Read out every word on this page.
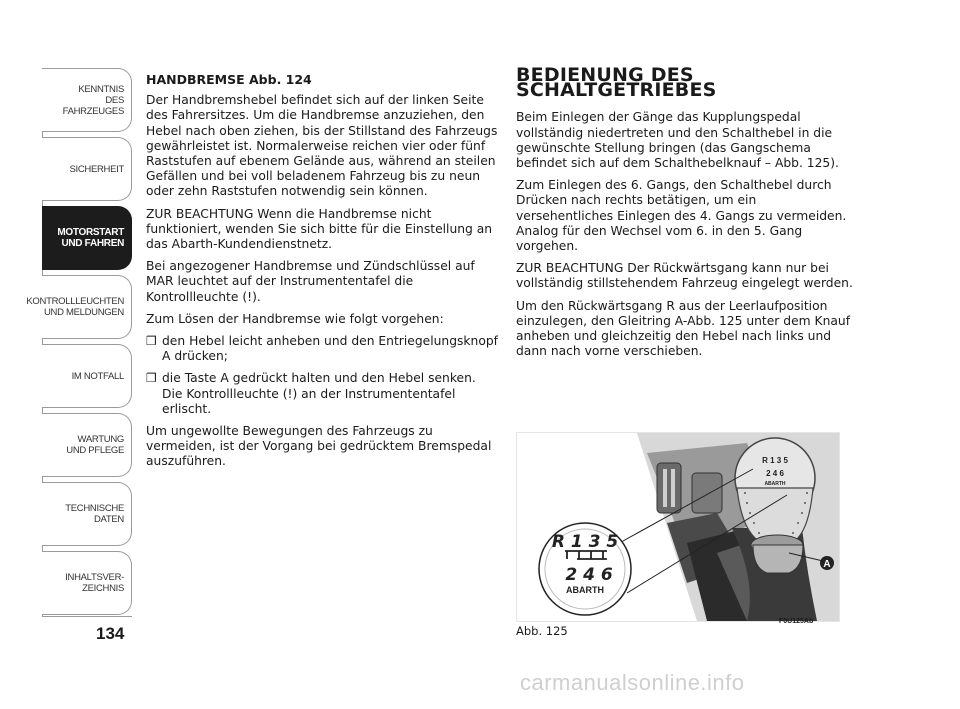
KENNTNIS
DES FAHRZEUGES
SICHERHEIT
MOTORSTART
UND FAHREN
KONTROLLLEUCHTEN
UND MELDUNGEN
IM NOTFALL
WARTUNG
UND PFLEGE
TECHNISCHE
DATEN
INHALTSVER-
ZEICHNIS
134
HANDBREMSE Abb. 124

Der Handbremshebel befindet sich auf der linken Seite des Fahrersitzes. Um die Handbremse anzuziehen, den Hebel nach oben ziehen, bis der Stillstand des Fahrzeugs gewährleistet ist. Normalerweise reichen vier oder fünf Raststufen auf ebenem Gelände aus, während an steilen Gefällen und bei voll beladenem Fahrzeug bis zu neun oder zehn Raststufen notwendig sein können.

ZUR BEACHTUNG Wenn die Handbremse nicht funktioniert, wenden Sie sich bitte für die Einstellung an das Abarth-Kundendienstnetz.

Bei angezogener Handbremse und Zündschlüssel auf MAR leuchtet auf der Instrumententafel die Kontrollleuchte (!).

Zum Lösen der Handbremse wie folgt vorgehen:

❒ den Hebel leicht anheben und den Entriegelungsknopf A drücken;
❒ die Taste A gedrückt halten und den Hebel senken. Die Kontrollleuchte (!) an der Instrumententafel erlischt.

Um ungewollte Bewegungen des Fahrzeugs zu vermeiden, ist der Vorgang bei gedrücktem Bremspedal auszuführen.

BEDIENUNG DES SCHALTGETRIEBES

Beim Einlegen der Gänge das Kupplungspedal vollständig niedertreten und den Schalthebel in die gewünschte Stellung bringen (das Gangschema befindet sich auf dem Schalthebelknauf – Abb. 125).

Zum Einlegen des 6. Gangs, den Schalthebel durch Drücken nach rechts betätigen, um ein versehentliches Einlegen des 4. Gangs zu vermeiden. Analog für den Wechsel vom 6. in den 5. Gang vorgehen.

ZUR BEACHTUNG Der Rückwärtsgang kann nur bei vollständig stillstehendem Fahrzeug eingelegt werden.

Um den Rückwärtsgang R aus der Leerlaufposition einzulegen, den Gleitring A-Abb. 125 unter dem Knauf anheben und gleichzeitig den Hebel nach links und dann nach vorne verschieben.

R 1 3 5
2 4 6
ABARTH
R 1 3 5
2 4 6
ABARTH
A
Abb. 125
F0U125Ab
carmanualsonline.info
